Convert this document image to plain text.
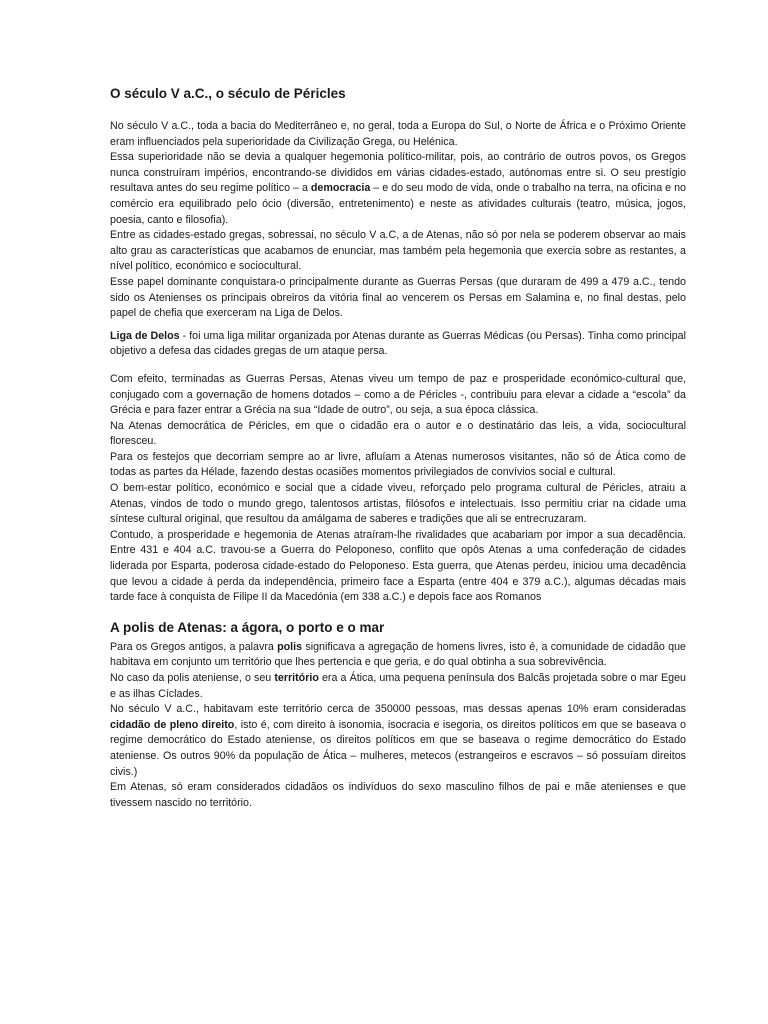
O século V a.C., o século de Péricles

No século V a.C., toda a bacia do Mediterrâneo e, no geral, toda a Europa do Sul, o Norte de África e o Próximo Oriente eram influenciados pela superioridade da Civilização Grega, ou Helénica.

Essa superioridade não se devia a qualquer hegemonia político-militar, pois, ao contrário de outros povos, os Gregos nunca construíram impérios, encontrando-se divididos em várias cidades-estado, autónomas entre si. O seu prestígio resultava antes do seu regime político – a democracia – e do seu modo de vida, onde o trabalho na terra, na oficina e no comércio era equilibrado pelo ócio (diversão, entretenimento) e neste as atividades culturais (teatro, música, jogos, poesia, canto e filosofia).

Entre as cidades-estado gregas, sobressai, no século V a.C, a de Atenas, não só por nela se poderem observar ao mais alto grau as características que acabamos de enunciar, mas também pela hegemonia que exercia sobre as restantes, a nível político, económico e sociocultural.

Esse papel dominante conquistara-o principalmente durante as Guerras Persas (que duraram de 499 a 479 a.C., tendo sido os Atenienses os principais obreiros da vitória final ao vencerem os Persas em Salamina e, no final destas, pelo papel de chefia que exerceram na Liga de Delos.

Liga de Delos - foi uma liga militar organizada por Atenas durante as Guerras Médicas (ou Persas). Tinha como principal objetivo a defesa das cidades gregas de um ataque persa.

Com efeito, terminadas as Guerras Persas, Atenas viveu um tempo de paz e prosperidade económico-cultural que, conjugado com a governação de homens dotados – como a de Péricles -, contribuiu para elevar a cidade a “escola” da Grécia e para fazer entrar a Grécia na sua “Idade de outro”, ou seja, a sua época clássica.

Na Atenas democrática de Péricles, em que o cidadão era o autor e o destinatário das leis, a vida, sociocultural floresceu.

Para os festejos que decorriam sempre ao ar livre, afluíam a Atenas numerosos visitantes, não só de Ática como de todas as partes da Hélade, fazendo destas ocasiões momentos privilegiados de convívios social e cultural.

O bem-estar político, económico e social que a cidade viveu, reforçado pelo programa cultural de Péricles, atraiu a Atenas, vindos de todo o mundo grego, talentosos artistas, filósofos e intelectuais. Isso permitiu criar na cidade uma síntese cultural original, que resultou da amálgama de saberes e tradições que ali se entrecruzaram.

Contudo, a prosperidade e hegemonia de Atenas atraíram-lhe rivalidades que acabariam por impor a sua decadência. Entre 431 e 404 a.C. travou-se a Guerra do Peloponeso, conflito que opôs Atenas a uma confederação de cidades liderada por Esparta, poderosa cidade-estado do Peloponeso. Esta guerra, que Atenas perdeu, iniciou uma decadência que levou a cidade à perda da independência, primeiro face a Esparta (entre 404 e 379 a.C.), algumas décadas mais tarde face à conquista de Filipe II da Macedónia (em 338 a.C.) e depois face aos Romanos

A polis de Atenas: a ágora, o porto e o mar

Para os Gregos antigos, a palavra polis significava a agregação de homens livres, isto é, a comunidade de cidadão que habitava em conjunto um território que lhes pertencia e que geria, e do qual obtinha a sua sobrevivência.

No caso da polis ateniense, o seu território era a Ática, uma pequena península dos Balcãs projetada sobre o mar Egeu e as ilhas Cíclades.

No século V a.C., habitavam este território cerca de 350000 pessoas, mas dessas apenas 10% eram consideradas cidadão de pleno direito, isto é, com direito à isonomia, isocracia e isegoria, os direitos políticos em que se baseava o regime democrático do Estado ateniense, os direitos políticos em que se baseava o regime democrático do Estado ateniense. Os outros 90% da população de Ática – mulheres, metecos (estrangeiros e escravos – só possuíam direitos civis.)

Em Atenas, só eram considerados cidadãos os indivíduos do sexo masculino filhos de pai e mãe atenienses e que tivessem nascido no território.
